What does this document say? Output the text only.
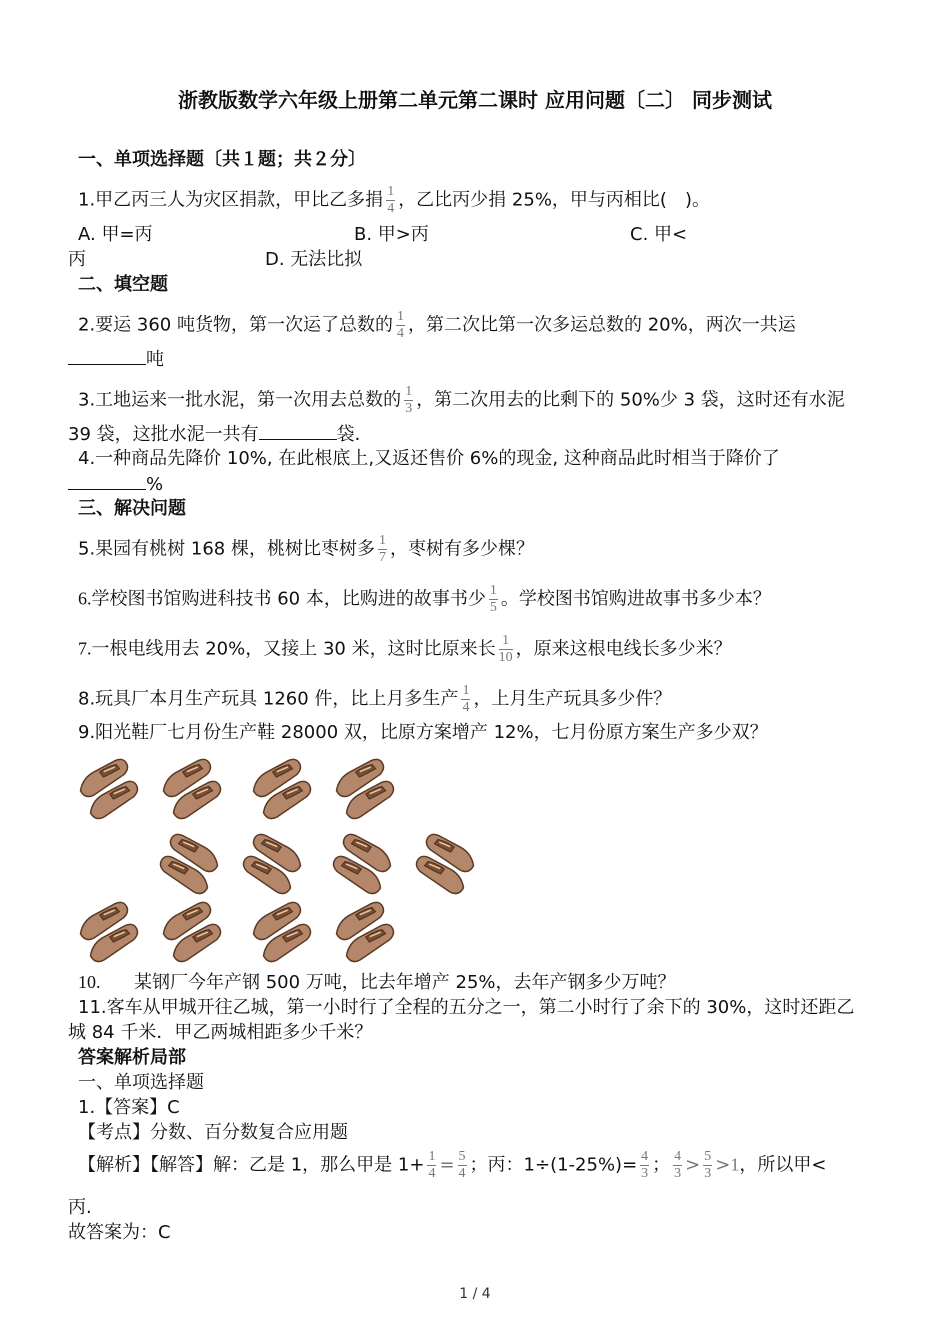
浙教版数学六年级上册第二单元第二课时 应用问题〔二〕 同步测试
一、单项选择题〔共１题；共２分〕
1.甲乙丙三人为灾区捐款，甲比乙多捐 $\frac{1}{4}$ ，乙比丙少捐 25%，甲与丙相比(　)。
A. 甲=丙	B. 甲>丙	C. 甲<
丙	D. 无法比拟
二、填空题
2.要运 360 吨货物，第一次运了总数的 $\frac{1}{4}$ ，第二次比第一次多运总数的 20%，两次一共运
吨
3.工地运来一批水泥，第一次用去总数的 $\frac{1}{3}$ ，第二次用去的比剩下的 50%少 3 袋，这时还有水泥
39 袋，这批水泥一共有	袋．
4.一种商品先降价 10%, 在此根底上,又返还售价 6%的现金, 这种商品此时相当于降价了
%
三、解决问题
5.果园有桃树 168 棵，桃树比枣树多 $\frac{1}{7}$ ，枣树有多少棵？
6.学校图书馆购进科技书 60 本，比购进的故事书少 $\frac{1}{5}$ 。学校图书馆购进故事书多少本？
7.一根电线用去 20%，又接上 30 米，这时比原来长 $\frac{1}{10}$ ，原来这根电线长多少米？
8.玩具厂本月生产玩具 1260 件，比上月多生产 $\frac{1}{4}$ ，上月生产玩具多少件？
9.阳光鞋厂七月份生产鞋 28000 双，比原方案增产 12%，七月份原方案生产多少双？
10. 某钢厂今年产钢 500 万吨，比去年增产 25%，去年产钢多少万吨？
11.客车从甲城开往乙城，第一小时行了全程的五分之一，第二小时行了余下的 30%，这时还距乙
城 84 千米．甲乙两城相距多少千米？
答案解析局部
一、单项选择题
1.【答案】C
【考点】分数、百分数复合应用题
【解析】【解答】解：乙是 1，那么甲是 $1+ \frac{1}{4} = \frac{5}{4}$ ；丙：$1\div(1-25\%)= \frac{4}{3}$ ； $\frac{4}{3} > \frac{5}{3} >1$，所以甲<
丙.
故答案为：C
1 / 4
